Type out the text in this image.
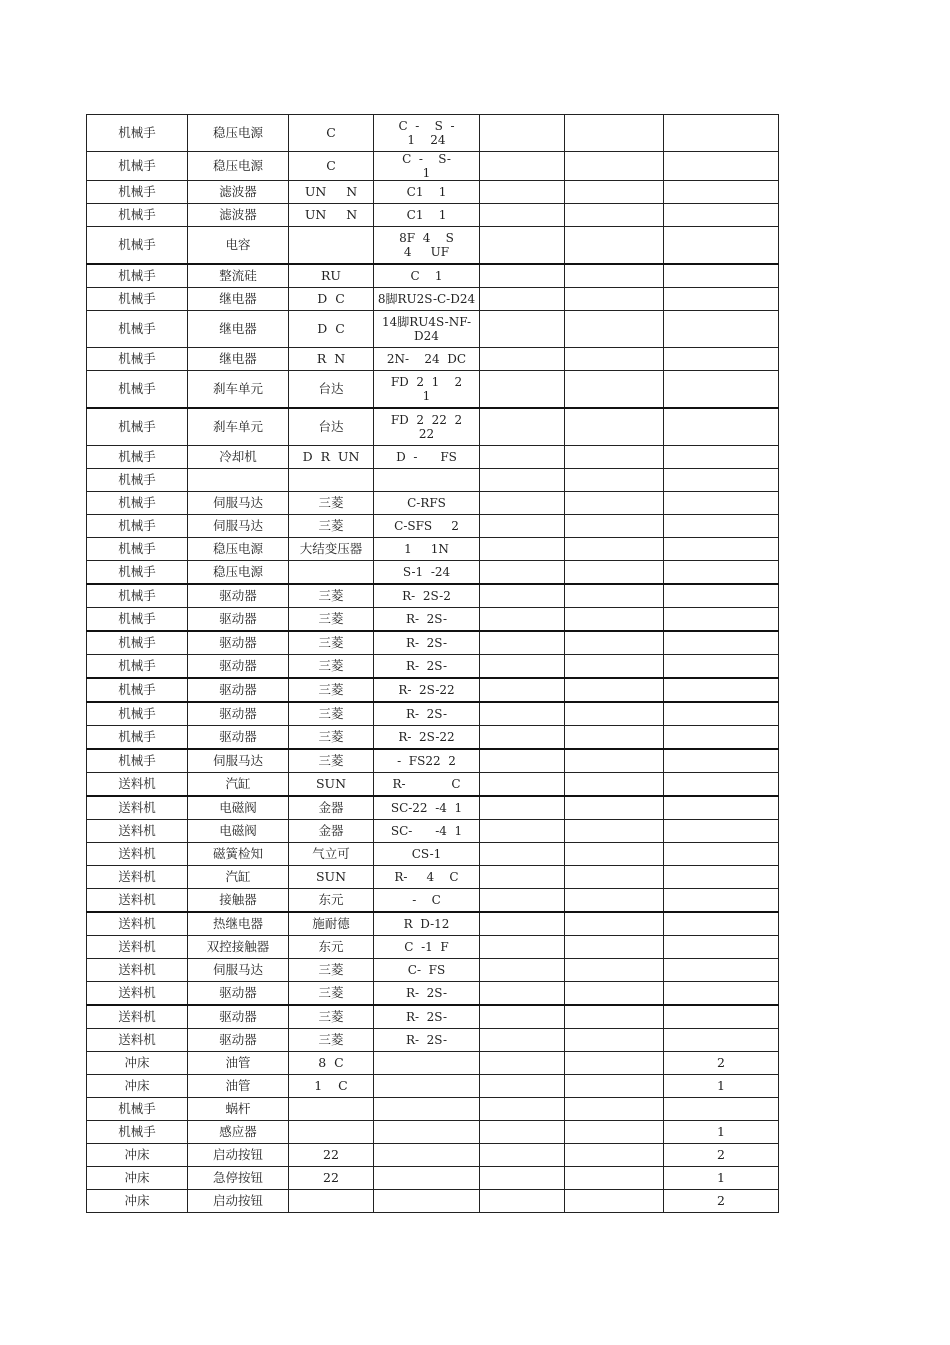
机械手	稳压电源	C	C  -    S  -
1    24			
机械手	稳压电源	C	C  -    S-
1			
机械手	滤波器	UN     N	C1    1			
机械手	滤波器	UN     N	C1    1			
机械手	电容		8F  4    S
4     UF			
机械手	整流硅	RU	C    1			
机械手	继电器	D  C	8脚RU2S-C-D24			
机械手	继电器	D  C	14脚RU4S-NF-
D24			
机械手	继电器	R  N	2N-    24  DC			
机械手	刹车单元	台达	FD  2  1    2
1			
机械手	刹车单元	台达	FD  2  22  2
22			
机械手	冷却机	D  R  UN	D  -      FS			
机械手						
机械手	伺服马达	三菱	C-RFS			
机械手	伺服马达	三菱	C-SFS     2			
机械手	稳压电源	大结变压器	1     1N			
机械手	稳压电源		S-1  -24			
机械手	驱动器	三菱	R-  2S-2			
机械手	驱动器	三菱	R-  2S-			
机械手	驱动器	三菱	R-  2S-			
机械手	驱动器	三菱	R-  2S-			
机械手	驱动器	三菱	R-  2S-22			
机械手	驱动器	三菱	R-  2S-			
机械手	驱动器	三菱	R-  2S-22			
机械手	伺服马达	三菱	-  FS22  2			
送料机	汽缸	SUN	R-            C			
送料机	电磁阀	金器	SC-22  -4  1			
送料机	电磁阀	金器	SC-      -4  1			
送料机	磁簧检知	气立可	CS-1			
送料机	汽缸	SUN	R-     4    C			
送料机	接触器	东元	-    C			
送料机	热继电器	施耐德	R  D-12			
送料机	双控接触器	东元	C  -1  F			
送料机	伺服马达	三菱	C-  FS			
送料机	驱动器	三菱	R-  2S-			
送料机	驱动器	三菱	R-  2S-			
送料机	驱动器	三菱	R-  2S-			
冲床	油管	8  C				2
冲床	油管	1    C				1
机械手	蜗杆					
机械手	感应器					1
冲床	启动按钮	22				2
冲床	急停按钮	22				1
冲床	启动按钮					2
